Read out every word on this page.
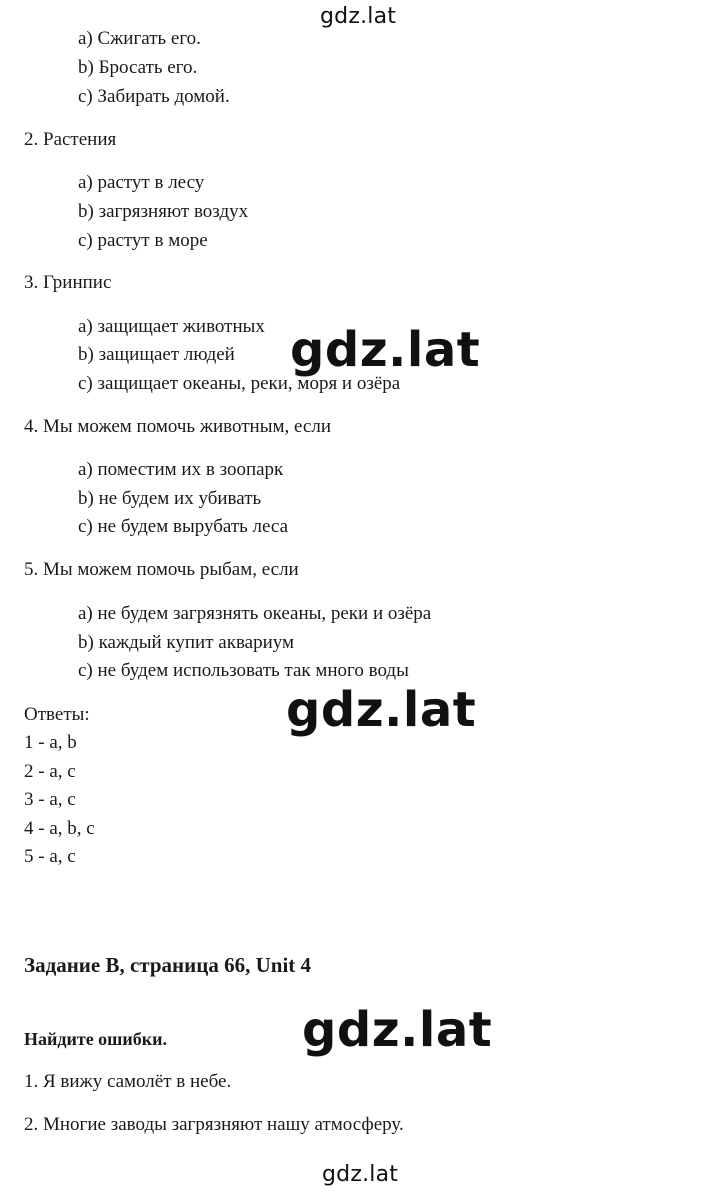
gdz.lat
gdz.lat
gdz.lat
gdz.lat
gdz.lat
a) Сжигать его.
b) Бросать его.
c) Забирать домой.
2. Растения
a) растут в лесу
b) загрязняют воздух
c) растут в море
3. Гринпис
a) защищает животных
b) защищает людей
c) защищает океаны, реки, моря и озёра
4. Мы можем помочь животным, если
a) поместим их в зоопарк
b) не будем их убивать
c) не будем вырубать леса
5. Мы можем помочь рыбам, если
a) не будем загрязнять океаны, реки и озёра
b) каждый купит аквариум
c) не будем использовать так много воды
Ответы:
1 - a, b
2 - a, c
3 - a, c
4 - a, b, c
5 - a, c
Задание B, страница 66, Unit 4
Найдите ошибки.
1. Я вижу самолёт в небе.
2. Многие заводы загрязняют нашу атмосферу.
